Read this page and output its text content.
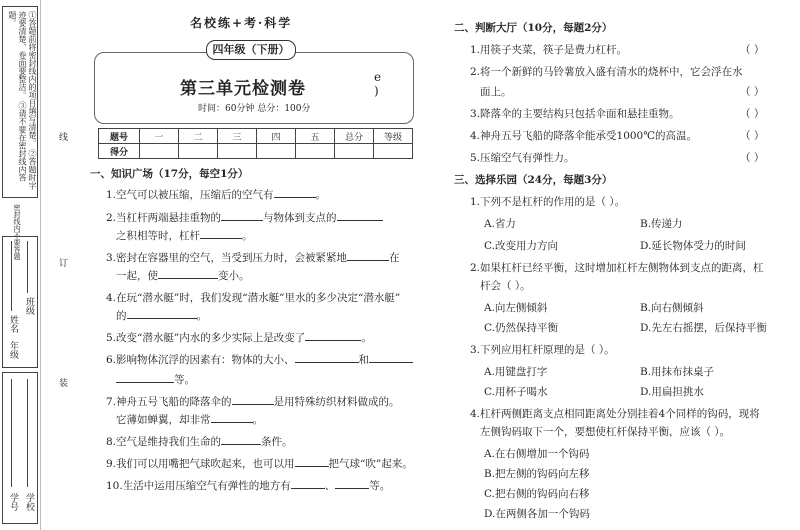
①答题前将密封线内的项目填写清楚。 ②答题时字迹要清楚、卷面要整洁。 ③请不要在密封线内答题。
密封线内不要答题
班级
姓名
年级
学校
学号
线
订
装
名校练+考·科学
四年级（下册）
第三单元检测卷
时间：60分钟 总分：100分
e
)
题号	一	二	三	四	五	总分	等级
得分							
一、知识广场（17分，每空1分）
1.空气可以被压缩，压缩后的空气有	。
2.当杠杆两端悬挂重物的	与物体到支点的
之积相等时，杠杆	。
3.密封在容器里的空气，当受到压力时，会被紧紧地	在
一起，使	变小。
4.在玩“潜水艇”时，我们发现“潜水艇”里水的多少决定“潜水艇”
的	。
5.改变“潜水艇”内水的多少实际上是改变了	。
6.影响物体沉浮的因素有：物体的大小、	和
等。
7.神舟五号飞船的降落伞的	是用特殊纺织材料做成的。
它薄如蝉翼，却非常	。
8.空气是维持我们生命的	条件。
9.我们可以用嘴把气球吹起来，也可以用	把气球“吹”起来。
10.生活中运用压缩空气有弹性的地方有	、	等。
二、判断大厅（10分，每题2分）
1.用筷子夹菜，筷子是费力杠杆。	（ ）
2.将一个新鲜的马铃薯放入盛有清水的烧杯中，它会浮在水
面上。	（ ）
3.降落伞的主要结构只包括伞面和悬挂重物。	（ ）
4.神舟五号飞船的降落伞能承受1000℃的高温。	（ ）
5.压缩空气有弹性力。	（ ）
三、选择乐园（24分，每题3分）
1.下列不是杠杆的作用的是（ ）。
A.省力	B.传递力
C.改变用力方向	D.延长物体受力的时间
2.如果杠杆已经平衡，这时增加杠杆左侧物体到支点的距离，杠
杆会（ ）。
A.向左侧倾斜	B.向右侧倾斜
C.仍然保持平衡	D.先左右摇摆，后保持平衡
3.下列应用杠杆原理的是（ ）。
A.用键盘打字	B.用抹布抹桌子
C.用杯子喝水	D.用扁担挑水
4.杠杆两侧距离支点相同距离处分别挂着4个同样的钩码，现将
左侧钩码取下一个，要想使杠杆保持平衡，应该（ ）。
A.在右侧增加一个钩码
B.把左侧的钩码向左移
C.把右侧的钩码向右移
D.在两侧各加一个钩码
